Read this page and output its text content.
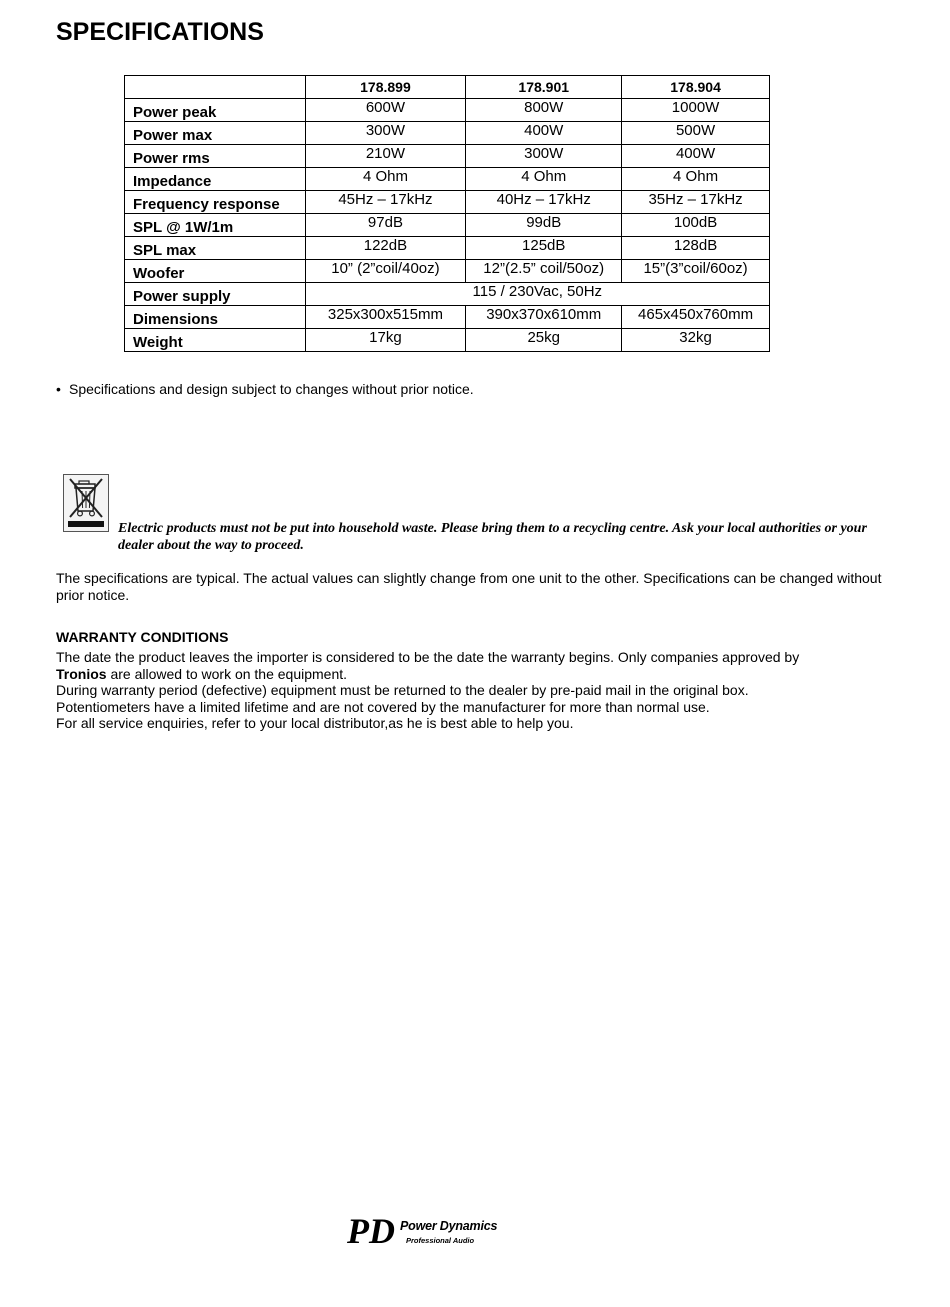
SPECIFICATIONS
	178.899	178.901	178.904
Power peak	600W	800W	1000W
Power max	300W	400W	500W
Power rms	210W	300W	400W
Impedance	4 Ohm	4 Ohm	4 Ohm
Frequency response	45Hz – 17kHz	40Hz – 17kHz	35Hz – 17kHz
SPL @ 1W/1m	97dB	99dB	100dB
SPL max	122dB	125dB	128dB
Woofer	10” (2”coil/40oz)	12”(2.5” coil/50oz)	15”(3”coil/60oz)
Power supply	115 / 230Vac, 50Hz		
Dimensions	325x300x515mm	390x370x610mm	465x450x760mm
Weight	17kg	25kg	32kg
• Specifications and design subject to changes without prior notice.
Electric products must not be put into household waste. Please bring them to a recycling centre. Ask your local authorities or your dealer about the way to proceed.
The specifications are typical. The actual values can slightly change from one unit to the other. Specifications can be changed without prior notice.
WARRANTY CONDITIONS

The date the product leaves the importer is considered to be the date the warranty begins. Only companies approved by

Tronios are allowed to work on the equipment.

During warranty period (defective) equipment must be returned to the dealer by pre-paid mail in the original box.

Potentiometers have a limited lifetime and are not covered by the manufacturer for more than normal use.

For all service enquiries, refer to your local distributor,as he is best able to help you.

PD Power Dynamics
Professional Audio
